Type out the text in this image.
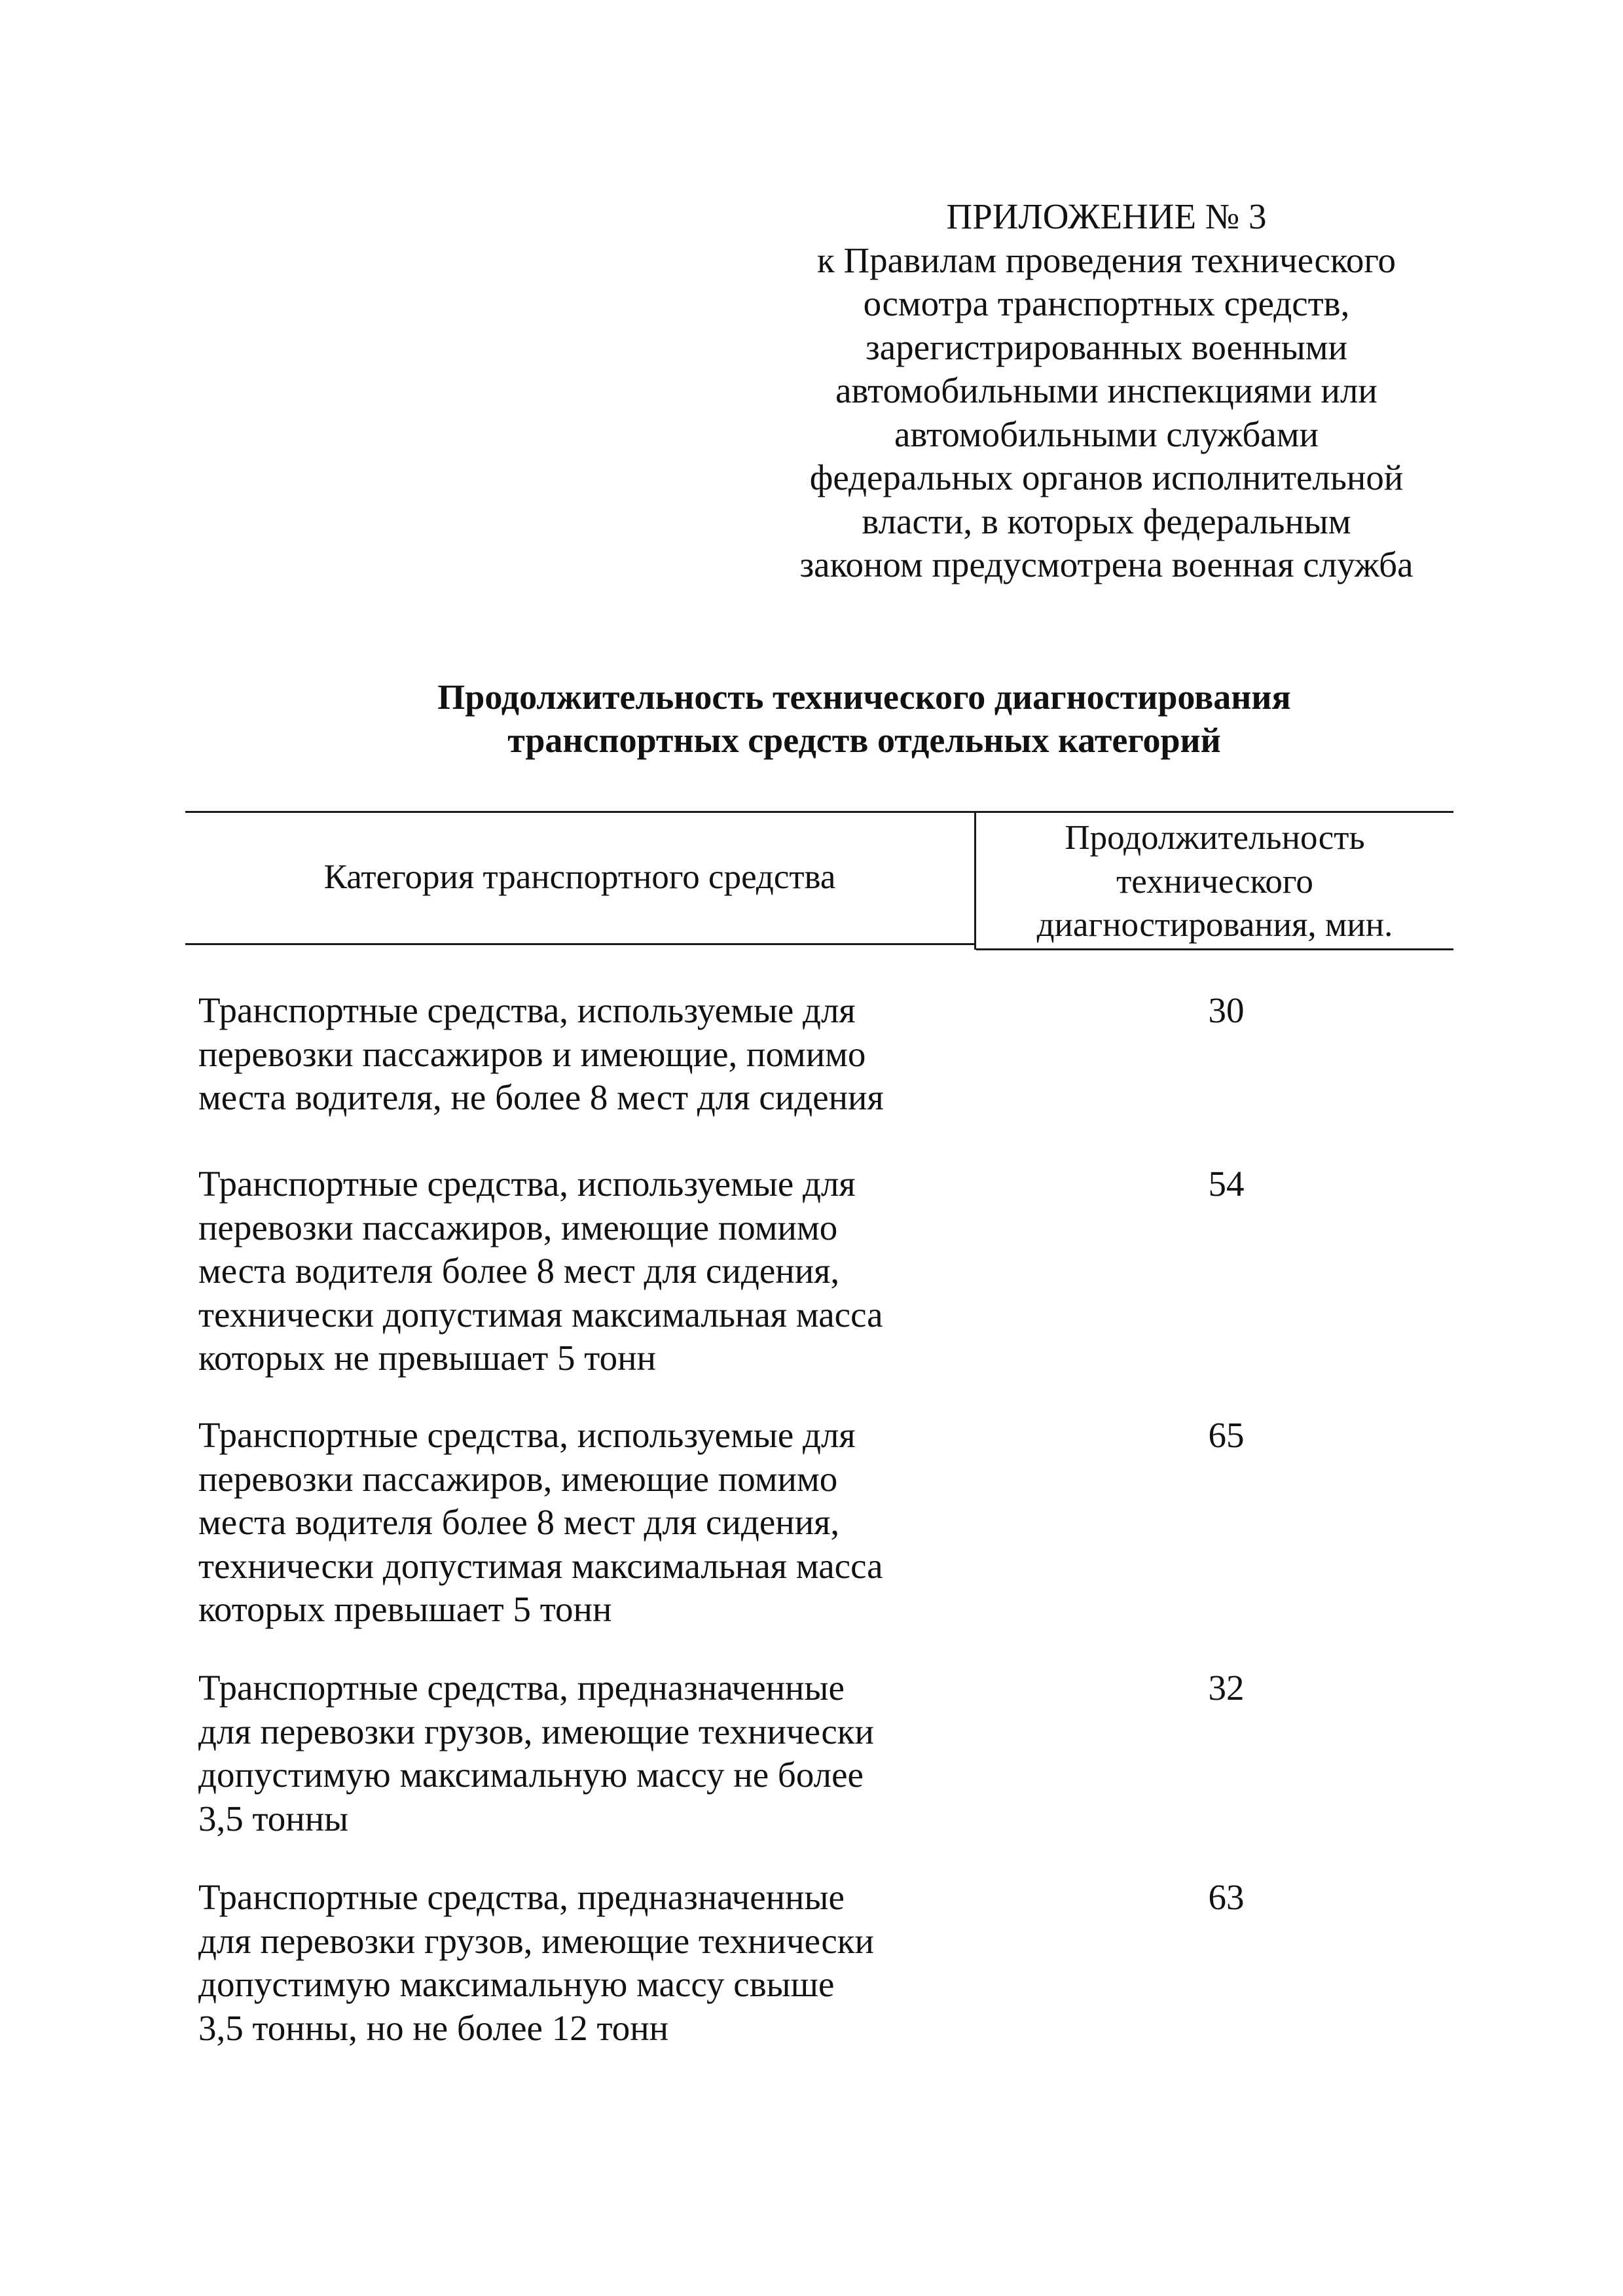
ПРИЛОЖЕНИЕ № 3
к Правилам проведения технического
осмотра транспортных средств,
зарегистрированных военными
автомобильными инспекциями или
автомобильными службами
федеральных органов исполнительной
власти, в которых федеральным
законом предусмотрена военная служба
Продолжительность технического диагностирования
транспортных средств отдельных категорий
Категория транспортного средства
Продолжительность
технического
диагностирования, мин.
Транспортные средства, используемые для
перевозки пассажиров и имеющие, помимо
места водителя, не более 8 мест для сидения
30
Транспортные средства, используемые для
перевозки пассажиров, имеющие помимо
места водителя более 8 мест для сидения,
технически допустимая максимальная масса
которых не превышает 5 тонн
54
Транспортные средства, используемые для
перевозки пассажиров, имеющие помимо
места водителя более 8 мест для сидения,
технически допустимая максимальная масса
которых превышает 5 тонн
65
Транспортные средства, предназначенные
для перевозки грузов, имеющие технически
допустимую максимальную массу не более
3,5 тонны
32
Транспортные средства, предназначенные
для перевозки грузов, имеющие технически
допустимую максимальную массу свыше
3,5 тонны, но не более 12 тонн
63
